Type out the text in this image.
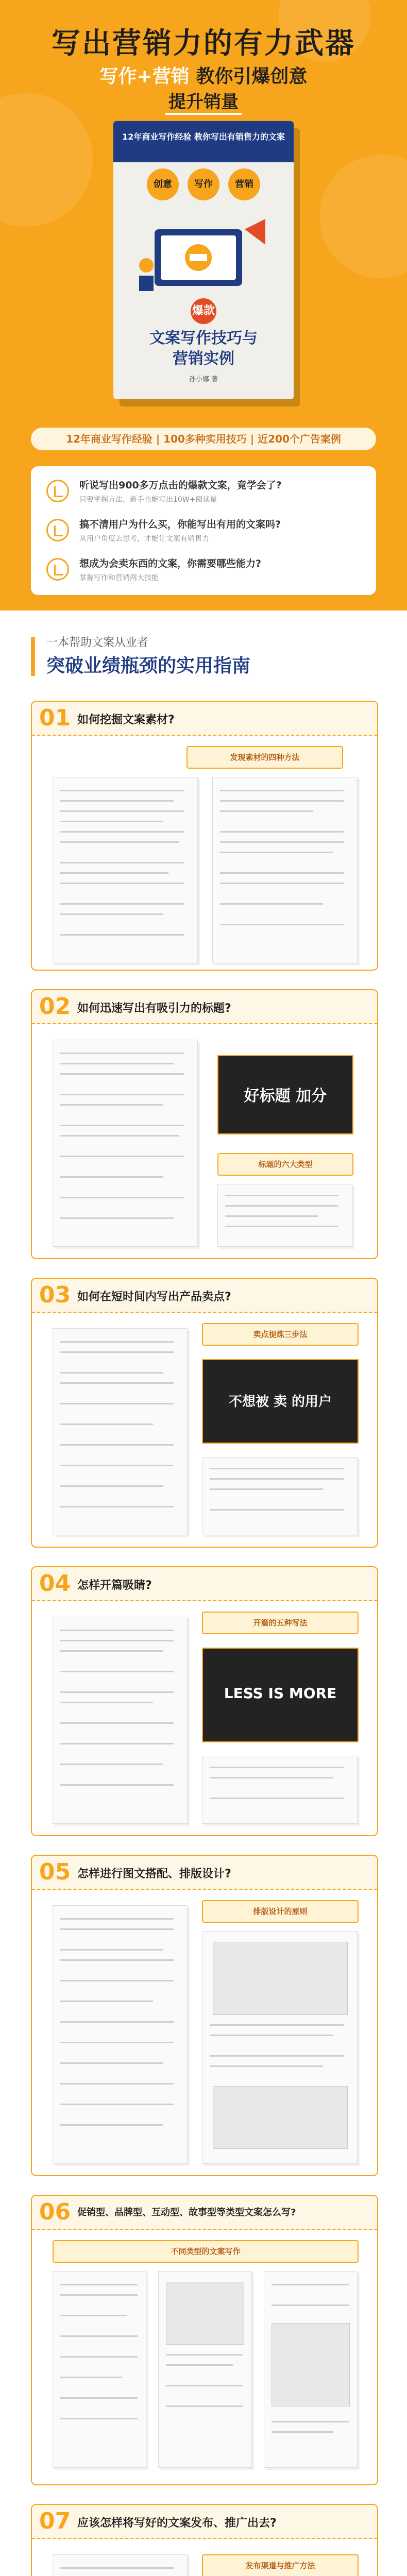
写出营销力的有力武器
写作+营销 教你引爆创意
提升销量
12年商业写作经验 教你写出有销售力的文案
创意 写作 营销
爆款
文案写作技巧与
营销实例
孙小娜 著
12年商业写作经验 | 100多种实用技巧 | 近200个广告案例
听说写出900多万点击的爆款文案，竟学会了?
只要掌握方法，新手也能写出10W+阅读量
搞不清用户为什么买，你能写出有用的文案吗?
从用户角度去思考，才能让文案有销售力
想成为会卖东西的文案，你需要哪些能力?
掌握写作和营销两大技能
一本帮助文案从业者
突破业绩瓶颈的实用指南
01 如何挖掘文案素材?
发现素材的四种方法
02 如何迅速写出有吸引力的标题?
好标题 加分
标题的六大类型
03 如何在短时间内写出产品卖点?
卖点提炼三步法
不想被 卖 的用户
04 怎样开篇吸睛?
开篇的五种写法
LESS IS MORE
05 怎样进行图文搭配、排版设计?
排版设计的原则
06 促销型、品牌型、互动型、故事型等类型文案怎么写?
不同类型的文案写作
07 应该怎样将写好的文案发布、推广出去?
发布渠道与推广方法
